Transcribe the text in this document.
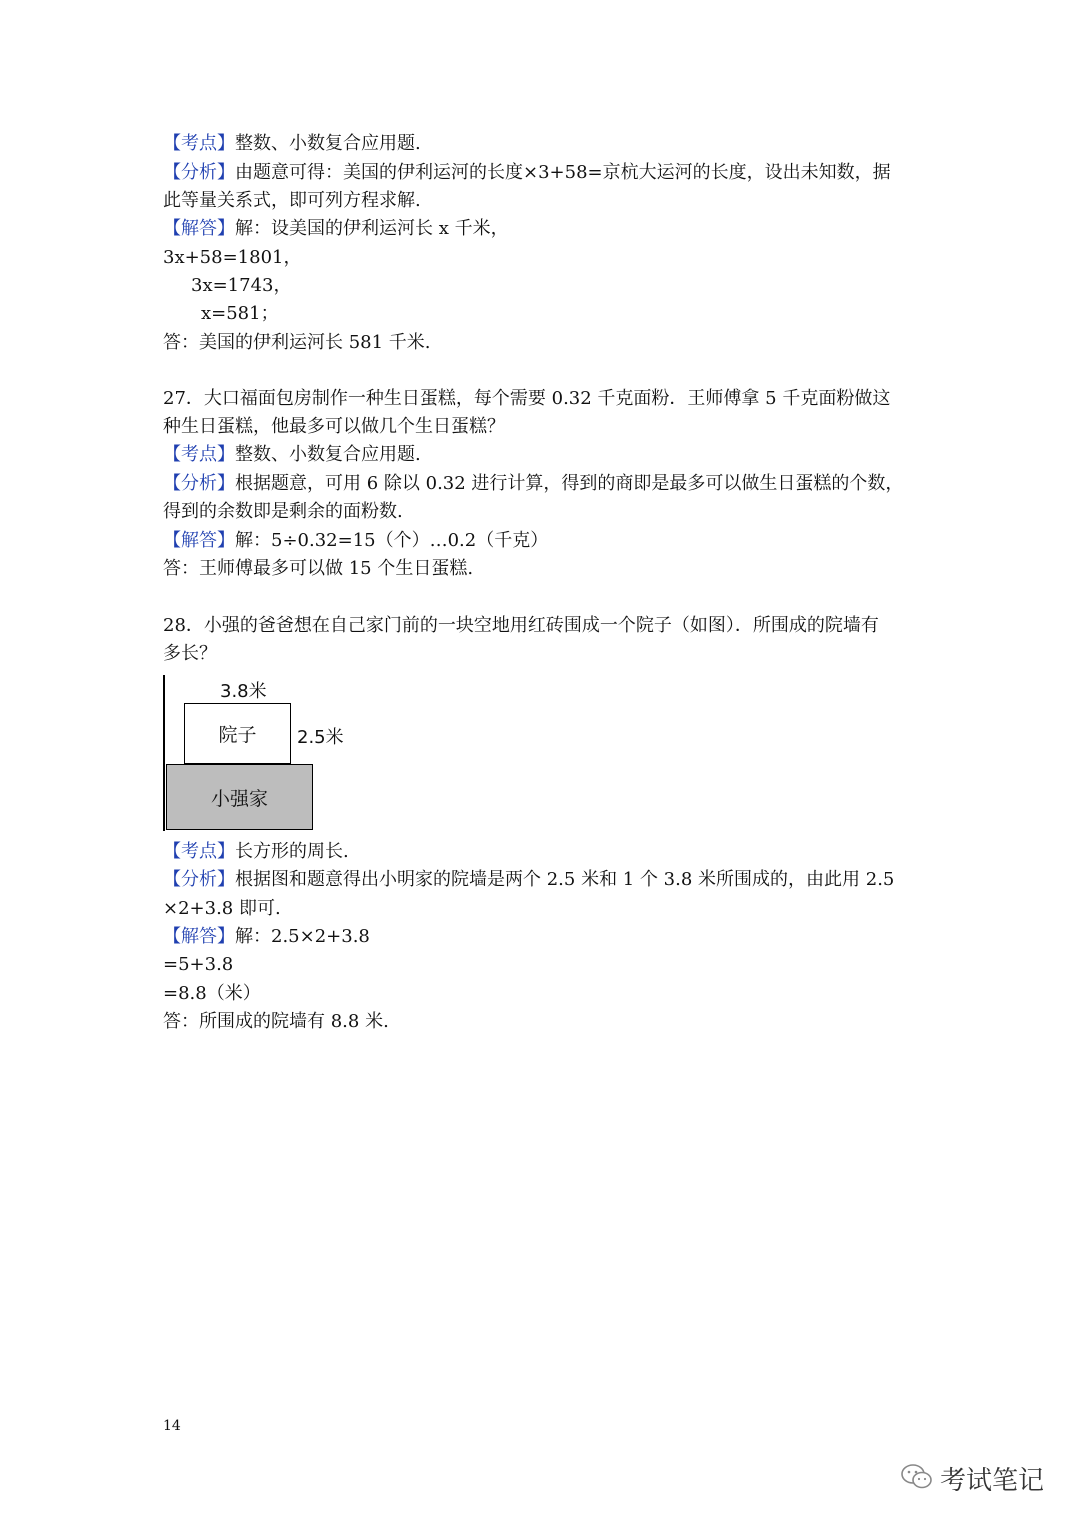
【考点】整数、小数复合应用题.
【分析】由题意可得：美国的伊利运河的长度×3+58=京杭大运河的长度，设出未知数，据
此等量关系式，即可列方程求解.
【解答】解：设美国的伊利运河长 x 千米，
3x+58=1801，
3x=1743，
x=581；
答：美国的伊利运河长 581 千米.
27．大口福面包房制作一种生日蛋糕，每个需要 0.32 千克面粉．王师傅拿 5 千克面粉做这
种生日蛋糕，他最多可以做几个生日蛋糕？
【考点】整数、小数复合应用题.
【分析】根据题意，可用 6 除以 0.32 进行计算，得到的商即是最多可以做生日蛋糕的个数，
得到的余数即是剩余的面粉数.
【解答】解：5÷0.32=15（个）…0.2（千克）
答：王师傅最多可以做 15 个生日蛋糕.
28．小强的爸爸想在自己家门前的一块空地用红砖围成一个院子（如图）．所围成的院墙有
多长？
3.8米
院子 2.5米
小强家
【考点】长方形的周长.
【分析】根据图和题意得出小明家的院墙是两个 2.5 米和 1 个 3.8 米所围成的，由此用 2.5
×2+3.8 即可.
【解答】解：2.5×2+3.8
=5+3.8
=8.8（米）
答：所围成的院墙有 8.8 米.
14
考试笔记
